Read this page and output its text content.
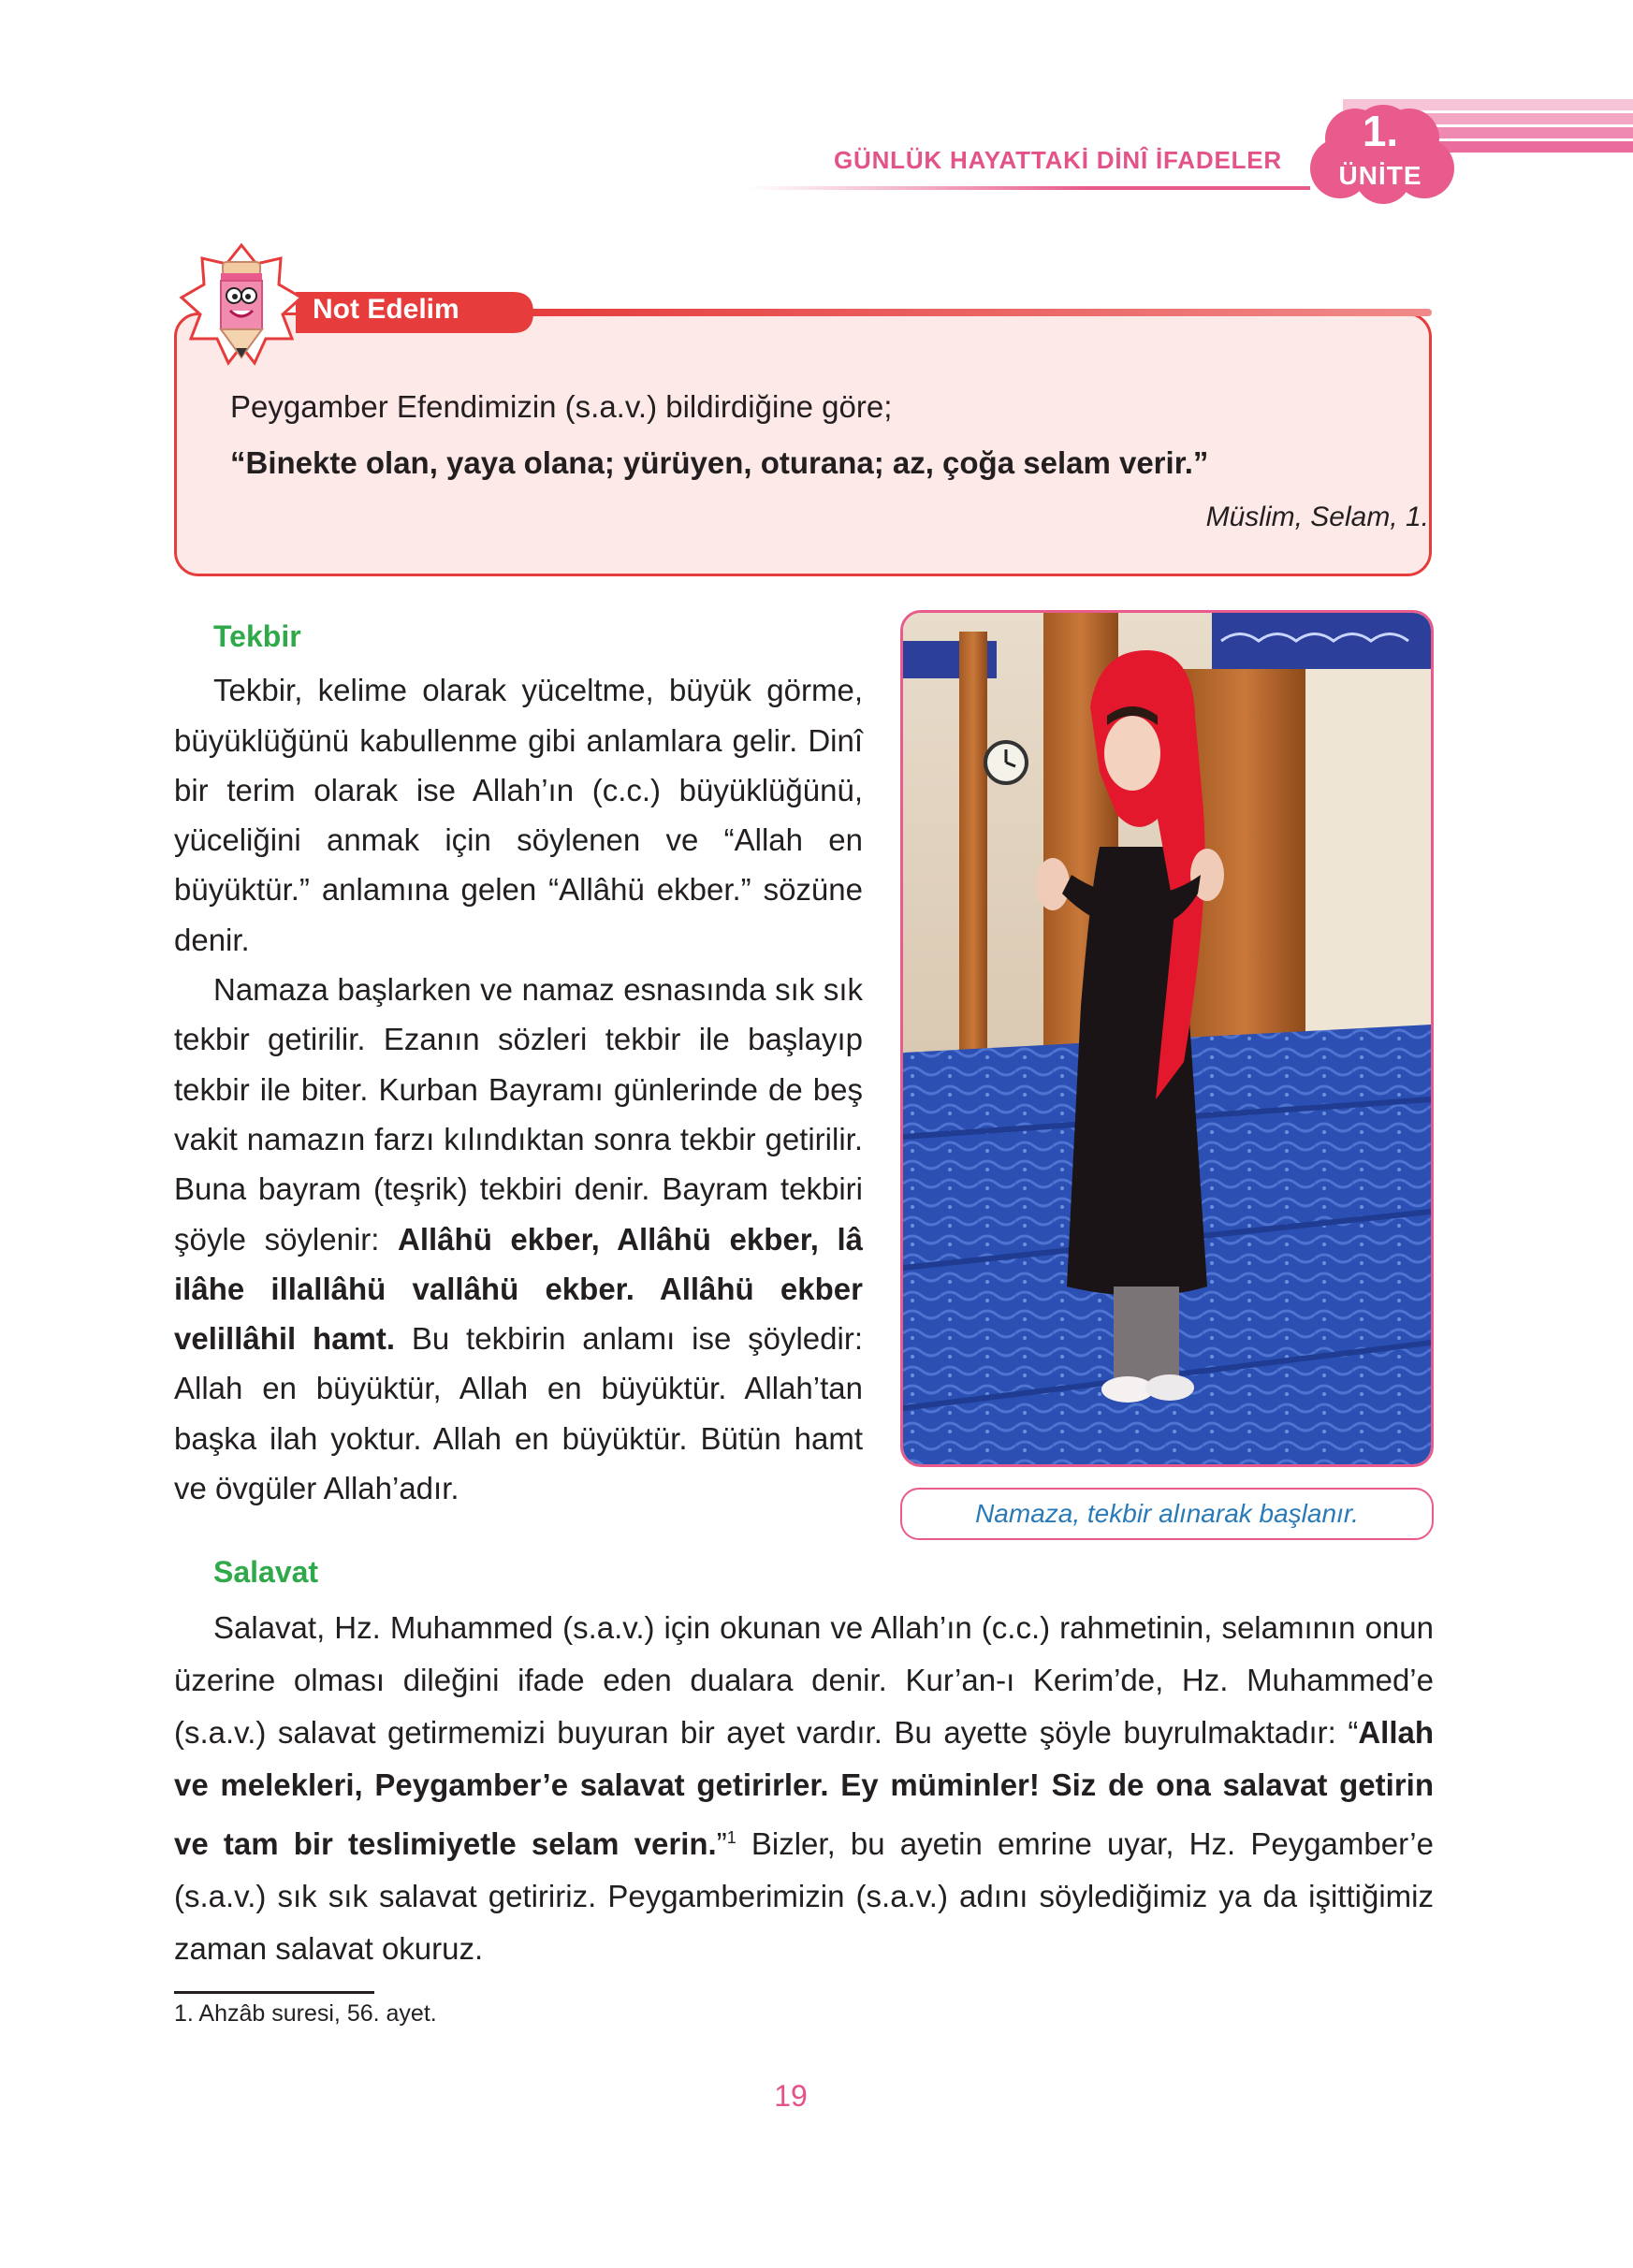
GÜNLÜK HAYATTAKİ DİNÎ İFADELER
1.
ÜNİTE
Not Edelim
Peygamber Efendimizin (s.a.v.) bildirdiğine göre;
“Binekte olan, yaya olana; yürüyen, oturana; az, çoğa selam verir.”
Müslim, Selam, 1.
Tekbir

Tekbir, kelime olarak yüceltme, büyük görme, büyüklüğünü kabullenme gibi anlamlara gelir. Dinî bir terim olarak ise Allah’ın (c.c.) büyüklüğünü, yüceliğini anmak için söylenen ve “Allah en büyüktür.” anlamına gelen “Allâhü ekber.” sözüne denir.

Namaza başlarken ve namaz esnasında sık sık tekbir getirilir. Ezanın sözleri tekbir ile başlayıp tekbir ile biter. Kurban Bayramı günlerinde de beş vakit namazın farzı kılındıktan sonra tekbir getirilir. Buna bayram (teşrik) tekbiri denir. Bayram tekbiri şöyle söylenir: Allâhü ekber, Allâhü ekber, lâ ilâhe illallâhü vallâhü ekber. Allâhü ekber velillâhil hamt. Bu tekbirin anlamı ise şöyledir: Allah en büyüktür, Allah en büyüktür. Allah’tan başka ilah yoktur. Allah en büyüktür. Bütün hamt ve övgüler Allah’adır.

Namaza, tekbir alınarak başlanır.
Salavat

Salavat, Hz. Muhammed (s.a.v.) için okunan ve Allah’ın (c.c.) rahmetinin, selamının onun üzerine olması dileğini ifade eden dualara denir. Kur’an-ı Kerim’de, Hz. Muhammed’e (s.a.v.) salavat getirmemizi buyuran bir ayet vardır. Bu ayette şöyle buyrulmaktadır: “Allah ve melekleri, Peygamber’e salavat getirirler. Ey müminler! Siz de ona salavat getirin ve tam bir teslimiyetle selam verin.”$^1$ Bizler, bu ayetin emrine uyar, Hz. Peygamber’e (s.a.v.) sık sık salavat getiririz. Peygamberimizin (s.a.v.) adını söylediğimiz ya da işittiğimiz zaman salavat okuruz.

1. Ahzâb suresi, 56. ayet.
19
